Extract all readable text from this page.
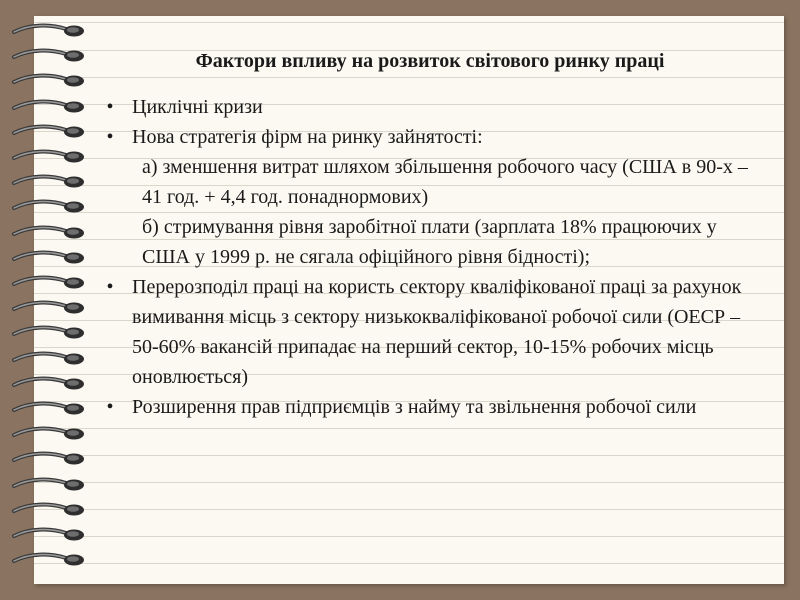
Фактори впливу на розвиток світового ринку праці
• Циклічні кризи

• Нова стратегія фірм на ринку зайнятості:

а) зменшення витрат шляхом збільшення робочого часу (США в 90-х – 41 год. + 4,4 год. понаднормових)

б) стримування рівня заробітної плати (зарплата 18% працюючих у США у 1999 р. не сягала офіційного рівня бідності);

• Перерозподіл праці на користь сектору кваліфікованої праці за рахунок вимивання місць з сектору низькокваліфікованої робочої сили (ОЕСР – 50-60% вакансій припадає на перший сектор, 10-15% робочих місць оновлюється)

• Розширення прав підприємців з найму та звільнення робочої сили
